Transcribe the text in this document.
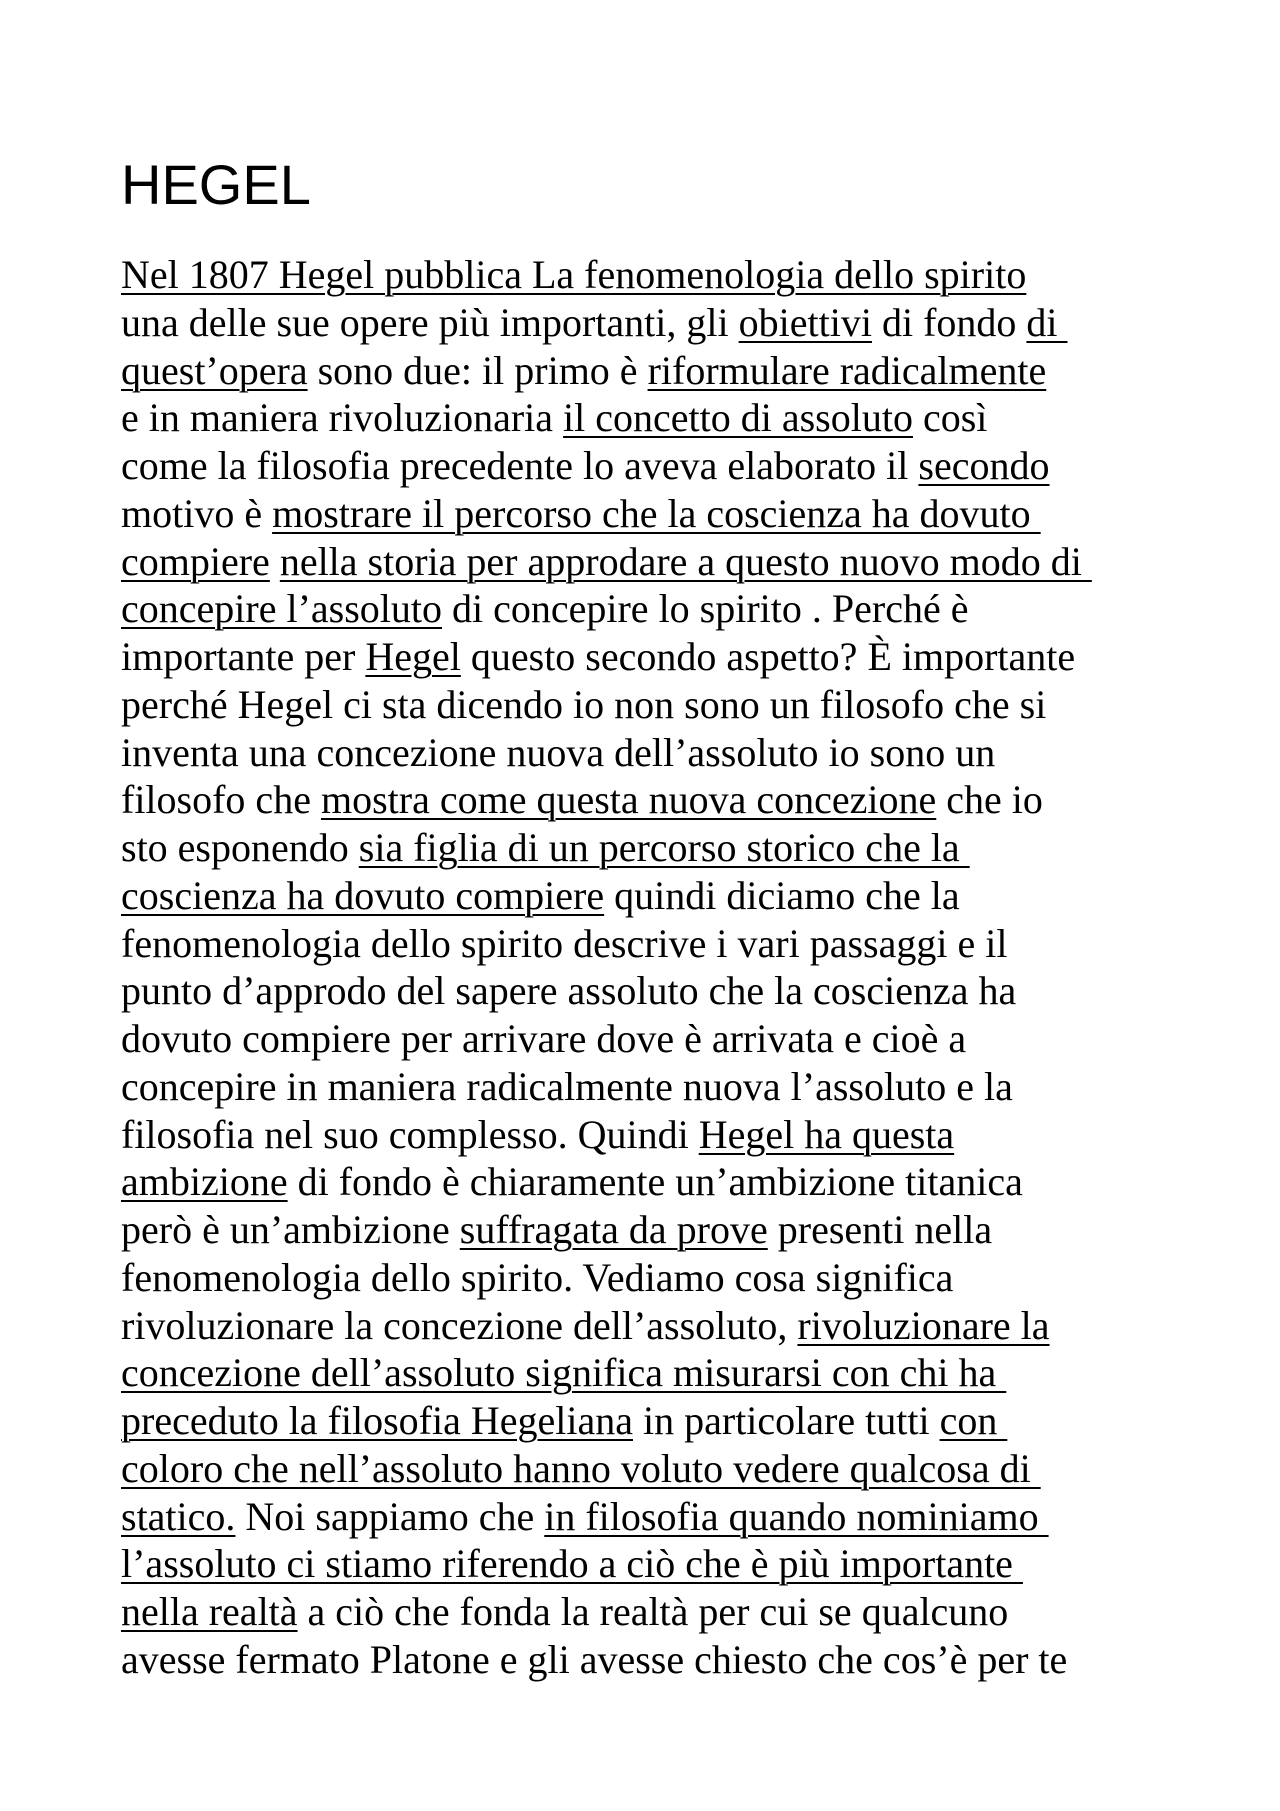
HEGEL
Nel 1807 Hegel pubblica La fenomenologia dello spirito
una delle sue opere più importanti, gli obiettivi di fondo di
quest’opera sono due: il primo è riformulare radicalmente
e in maniera rivoluzionaria il concetto di assoluto così
come la filosofia precedente lo aveva elaborato il secondo
motivo è mostrare il percorso che la coscienza ha dovuto
compiere nella storia per approdare a questo nuovo modo di
concepire l’assoluto di concepire lo spirito . Perché è
importante per Hegel questo secondo aspetto? È importante
perché Hegel ci sta dicendo io non sono un filosofo che si
inventa una concezione nuova dell’assoluto io sono un
filosofo che mostra come questa nuova concezione che io
sto esponendo sia figlia di un percorso storico che la
coscienza ha dovuto compiere quindi diciamo che la
fenomenologia dello spirito descrive i vari passaggi e il
punto d’approdo del sapere assoluto che la coscienza ha
dovuto compiere per arrivare dove è arrivata e cioè a
concepire in maniera radicalmente nuova l’assoluto e la
filosofia nel suo complesso. Quindi Hegel ha questa
ambizione di fondo è chiaramente un’ambizione titanica
però è un’ambizione suffragata da prove presenti nella
fenomenologia dello spirito. Vediamo cosa significa
rivoluzionare la concezione dell’assoluto, rivoluzionare la
concezione dell’assoluto significa misurarsi con chi ha
preceduto la filosofia Hegeliana in particolare tutti con
coloro che nell’assoluto hanno voluto vedere qualcosa di
statico. Noi sappiamo che in filosofia quando nominiamo
l’assoluto ci stiamo riferendo a ciò che è più importante
nella realtà a ciò che fonda la realtà per cui se qualcuno
avesse fermato Platone e gli avesse chiesto che cos’è per te
